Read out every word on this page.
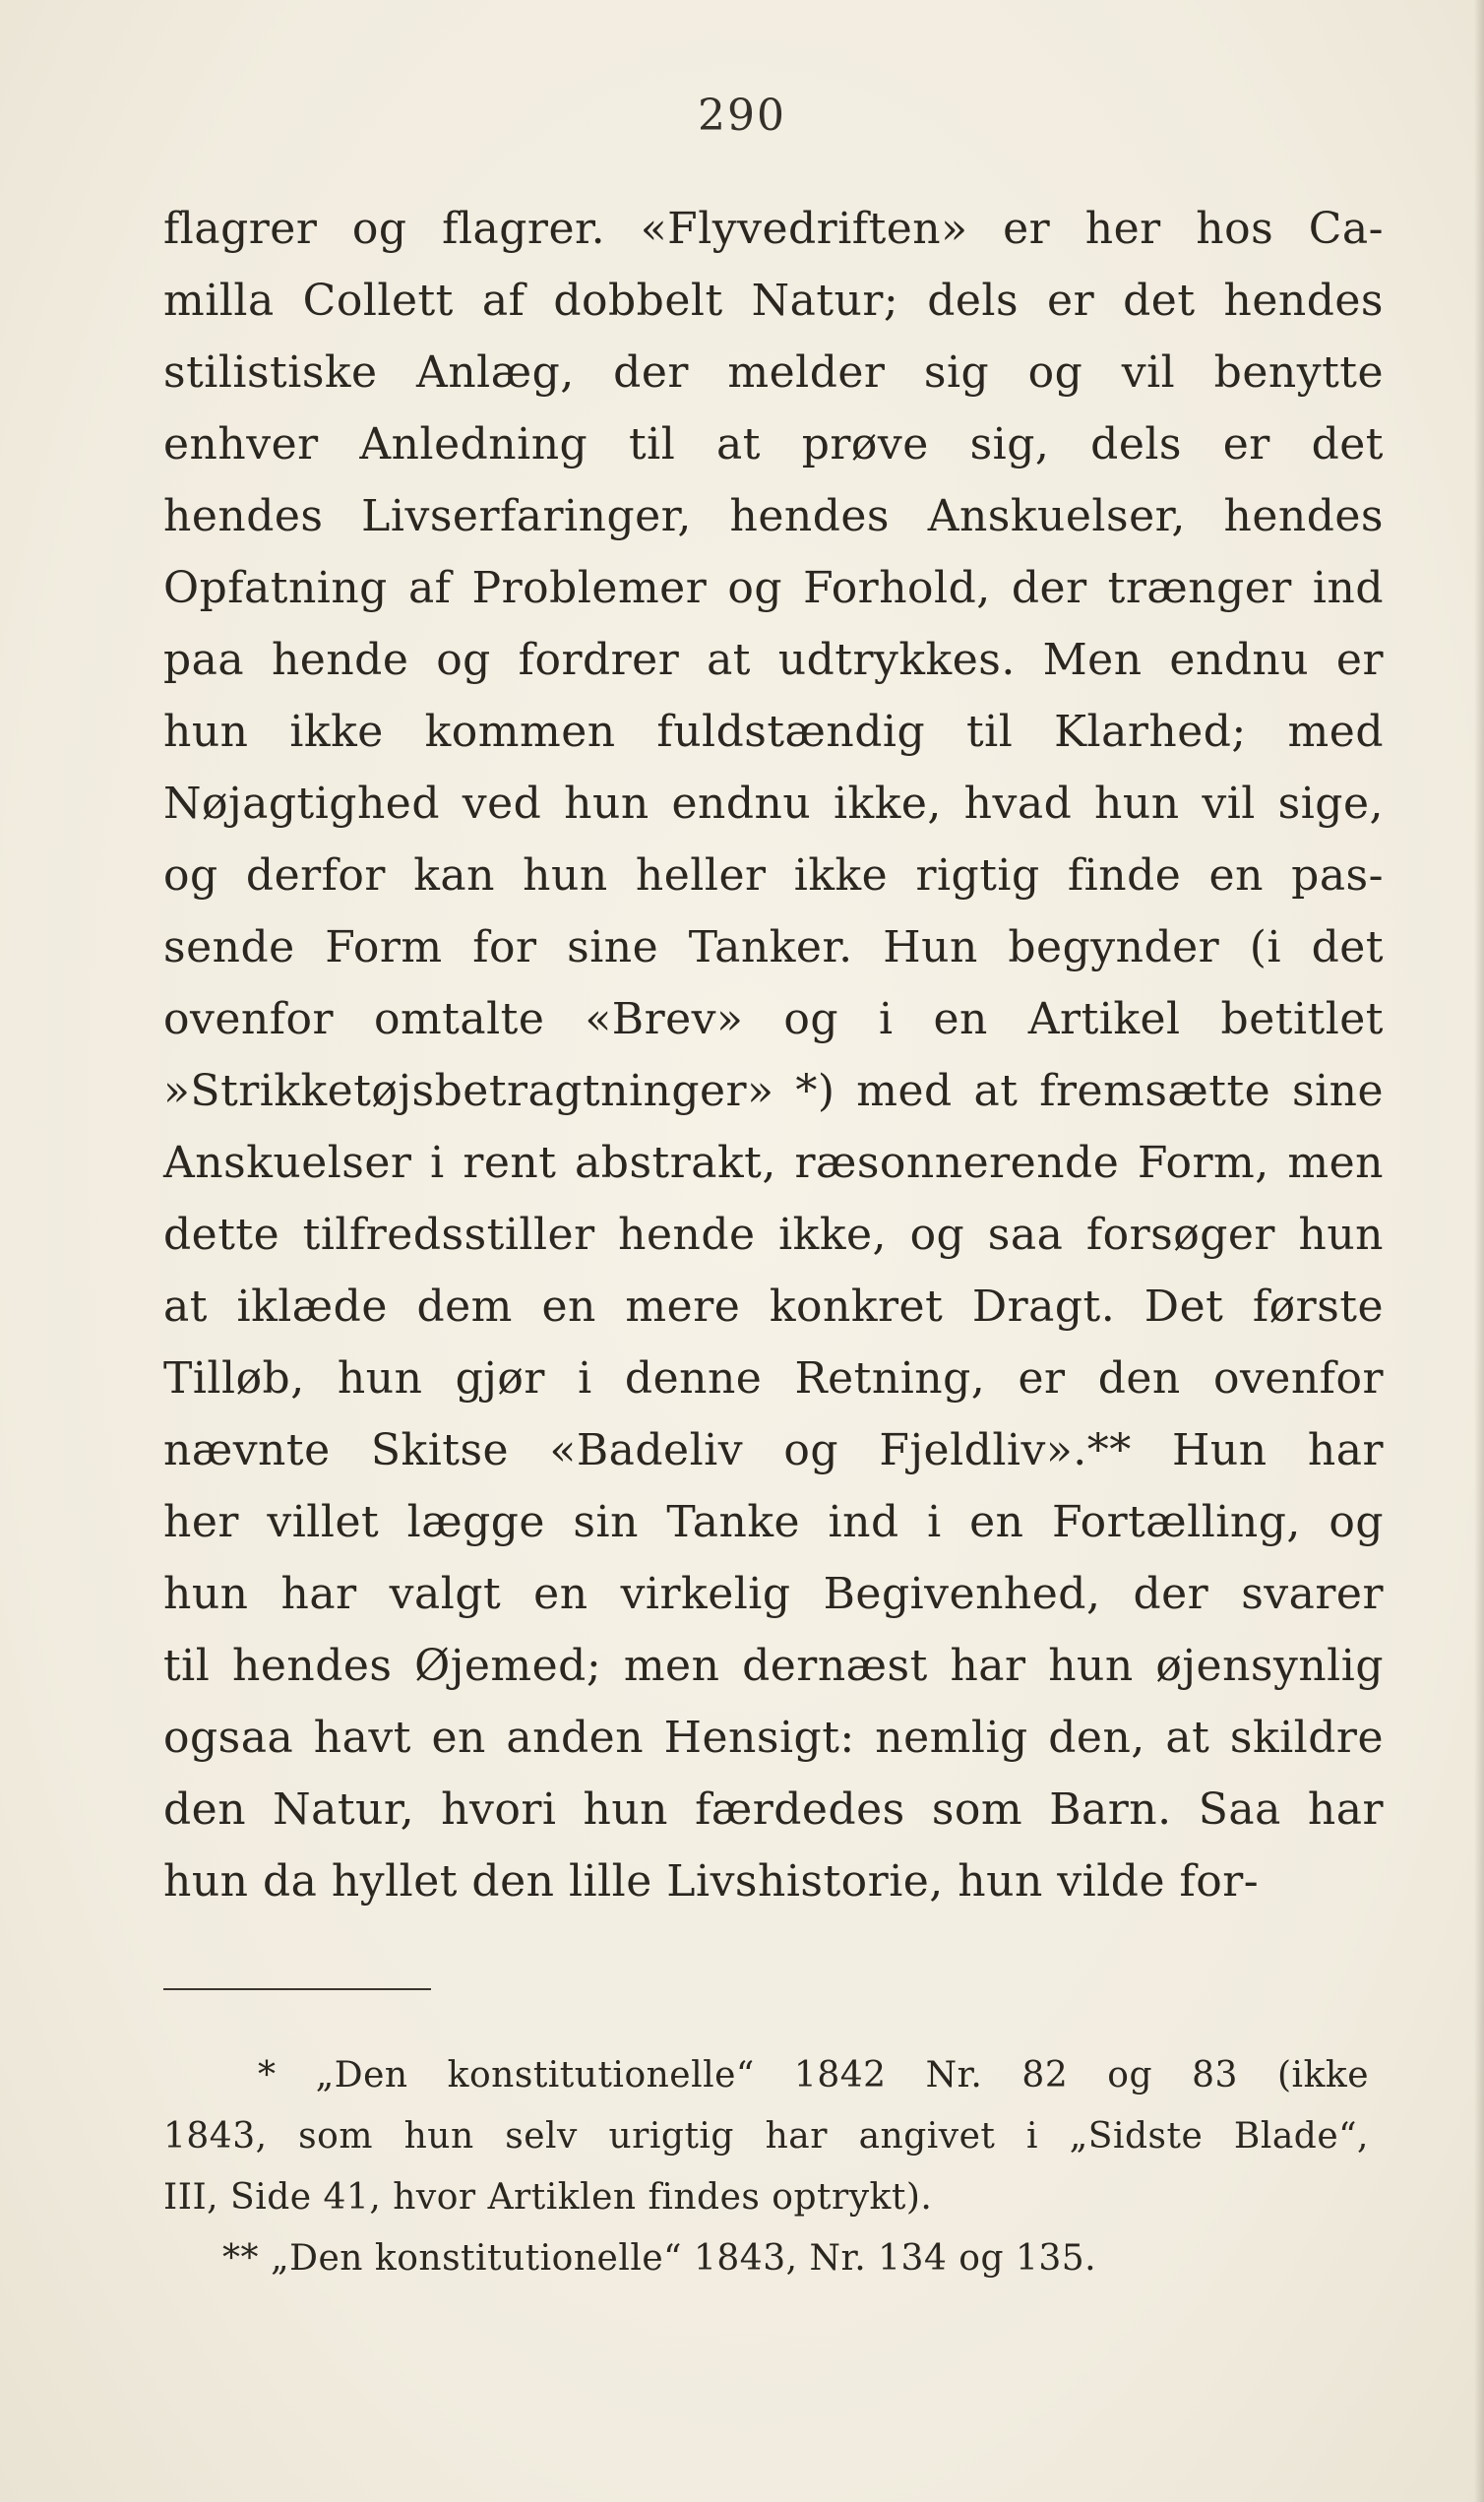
290
flagrer og flagrer. «Flyvedriften» er her hos Ca-
milla Collett af dobbelt Natur; dels er det hendes
stilistiske Anlæg, der melder sig og vil benytte
enhver Anledning til at prøve sig, dels er det
hendes Livserfaringer, hendes Anskuelser, hendes
Opfatning af Problemer og Forhold, der trænger ind
paa hende og fordrer at udtrykkes. Men endnu er
hun ikke kommen fuldstændig til Klarhed; med
Nøjagtighed ved hun endnu ikke, hvad hun vil sige,
og derfor kan hun heller ikke rigtig finde en pas-
sende Form for sine Tanker. Hun begynder (i det
ovenfor omtalte «Brev» og i en Artikel betitlet
»Strikketøjsbetragtninger» *) med at fremsætte sine
Anskuelser i rent abstrakt, ræsonnerende Form, men
dette tilfredsstiller hende ikke, og saa forsøger hun
at iklæde dem en mere konkret Dragt. Det første
Tilløb, hun gjør i denne Retning, er den ovenfor
nævnte Skitse «Badeliv og Fjeldliv».** Hun har
her villet lægge sin Tanke ind i en Fortælling, og
hun har valgt en virkelig Begivenhed, der svarer
til hendes Øjemed; men dernæst har hun øjensynlig
ogsaa havt en anden Hensigt: nemlig den, at skildre
den Natur, hvori hun færdedes som Barn. Saa har
hun da hyllet den lille Livshistorie, hun vilde for-
* „Den konstitutionelle“ 1842 Nr. 82 og 83 (ikke
1843, som hun selv urigtig har angivet i „Sidste Blade“,
III, Side 41, hvor Artiklen findes optrykt).
** „Den konstitutionelle“ 1843, Nr. 134 og 135.
